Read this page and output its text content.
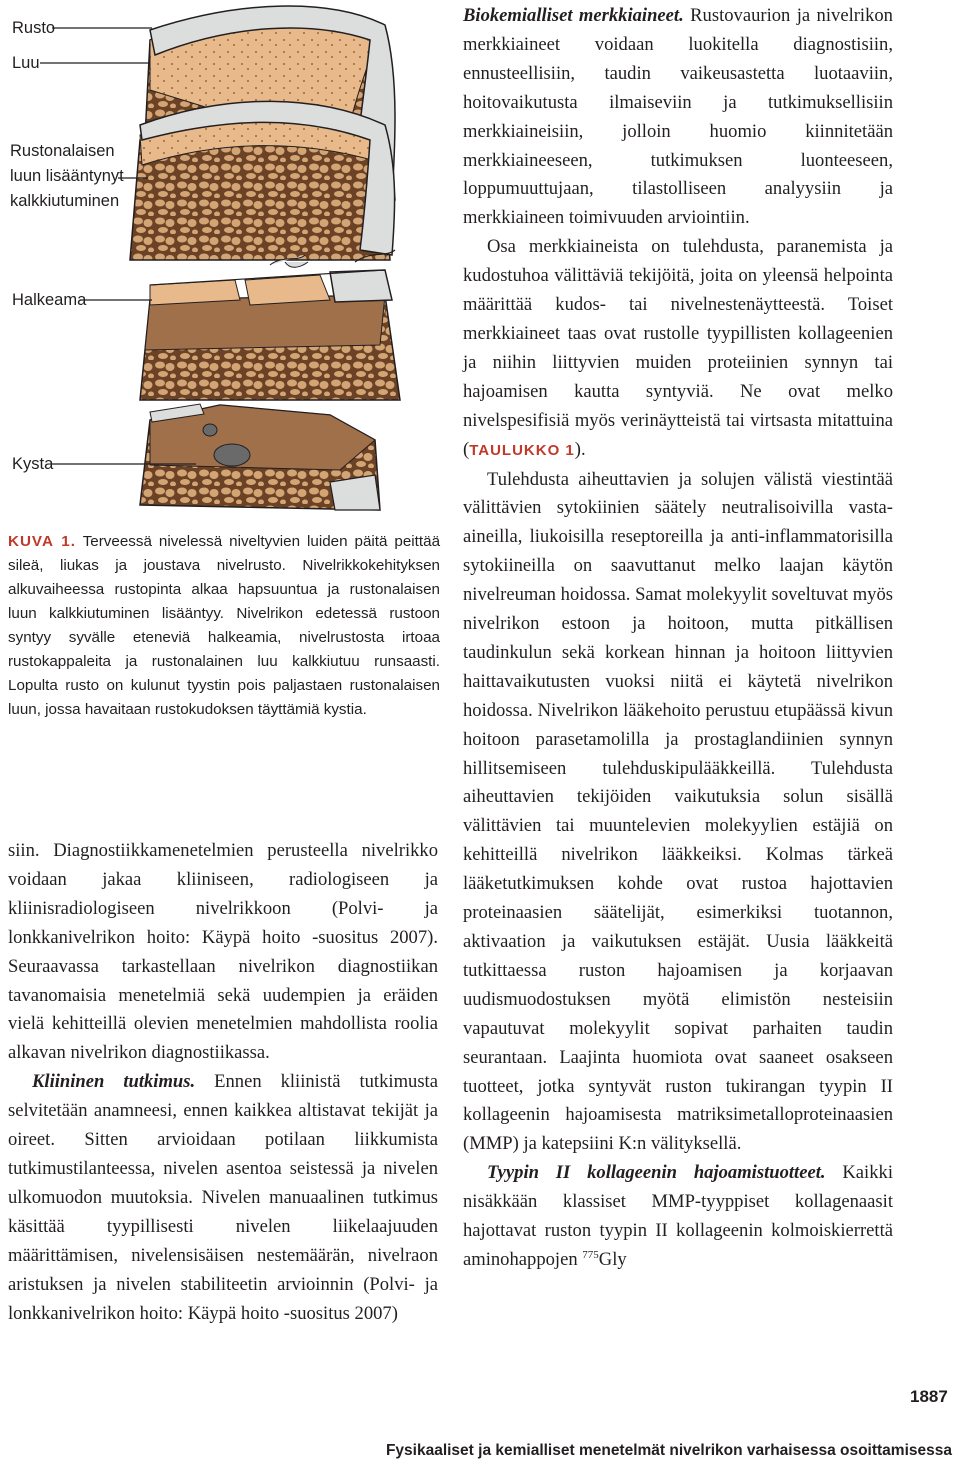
Rusto
Luu
Rustonalaisen
luun lisääntynyt
kalkkiutuminen
Halkeama
Kysta
KUVA 1. Terveessä nivelessä niveltyvien luiden päitä peittää sileä, liukas ja joustava nivelrusto. Nivelrikkokehityksen alkuvaiheessa rustopinta alkaa hapsuuntua ja rustonalaisen luun kalkkiutuminen lisääntyy. Nivelrikon edetessä rustoon syntyy syvälle eteneviä halkeamia, nivelrustosta irtoaa rustokappaleita ja rustonalainen luu kalkkiutuu runsaasti. Lopulta rusto on kulunut tyystin pois paljastaen rustonalaisen luun, jossa havaitaan rustokudoksen täyttämiä kystia.

siin. Diagnostiikkamenetelmien perusteella nivelrikko voidaan jakaa kliiniseen, radiologiseen ja kliinisradiologiseen nivelrikkoon (Polvi- ja lonkkanivelrikon hoito: Käypä hoito -suositus 2007). Seuraavassa tarkastellaan nivelrikon diagnostiikan tavanomaisia menetelmiä sekä uudempien ja eräiden vielä kehitteillä olevien menetelmien mahdollista roolia alkavan nivelrikon diagnostiikassa.

Kliininen tutkimus. Ennen kliinistä tutkimusta selvitetään anamneesi, ennen kaikkea altistavat tekijät ja oireet. Sitten arvioidaan potilaan liikkumista tutkimustilanteessa, nivelen asentoa seistessä ja nivelen ulkomuodon muutoksia. Nivelen manuaalinen tutkimus käsittää tyypillisesti nivelen liikelaajuuden määrittämisen, nivelensisäisen nestemäärän, nivelraon aristuksen ja nivelen stabiliteetin arvioinnin (Polvi- ja lonkkanivelrikon hoito: Käypä hoito -suositus 2007)

Biokemialliset merkkiaineet. Rustovaurion ja nivelrikon merkkiaineet voidaan luokitella diagnostisiin, ennusteellisiin, taudin vaikeusastetta luotaaviin, hoitovaikutusta ilmaiseviin ja tutkimuksellisiin merkkiaineisiin, jolloin huomio kiinnitetään merkkiaineeseen, tutkimuksen luonteeseen, loppumuuttujaan, tilastolliseen analyysiin ja merkkiaineen toimivuuden arviointiin.

Osa merkkiaineista on tulehdusta, paranemista ja kudostuhoa välittäviä tekijöitä, joita on yleensä helpointa määrittää kudos- tai nivelnestenäytteestä. Toiset merkkiaineet taas ovat rustolle tyypillisten kollageenien ja niihin liittyvien muiden proteiinien synnyn tai hajoamisen kautta syntyviä. Ne ovat melko nivelspesifisiä myös verinäytteistä tai virtsasta mitattuina (TAULUKKO 1).

Tulehdusta aiheuttavien ja solujen välistä viestintää välittävien sytokiinien säätely neutralisoivilla vasta-aineilla, liukoisilla reseptoreilla ja anti-inflammatorisilla sytokiineilla on saavuttanut melko laajan käytön nivelreuman hoidossa. Samat molekyylit soveltuvat myös nivelrikon estoon ja hoitoon, mutta pitkällisen taudinkulun sekä korkean hinnan ja hoitoon liittyvien haittavaikutusten vuoksi niitä ei käytetä nivelrikon hoidossa. Nivelrikon lääkehoito perustuu etupäässä kivun hoitoon parasetamolilla ja prostaglandiinien synnyn hillitsemiseen tulehduskipulääkkeillä. Tulehdusta aiheuttavien tekijöiden vaikutuksia solun sisällä välittävien tai muuntelevien molekyylien estäjiä on kehitteillä nivelrikon lääkkeiksi. Kolmas tärkeä lääketutkimuksen kohde ovat rustoa hajottavien proteinaasien säätelijät, esimerkiksi tuotannon, aktivaation ja vaikutuksen estäjät. Uusia lääkkeitä tutkittaessa ruston hajoamisen ja korjaavan uudismuodostuksen myötä elimistön nesteisiin vapautuvat molekyylit sopivat parhaiten taudin seurantaan. Laajinta huomiota ovat saaneet osakseen tuotteet, jotka syntyvät ruston tukirangan tyypin II kollageenin hajoamisesta matriksimetalloproteinaasien (MMP) ja katepsiini K:n välityksellä.

Tyypin II kollageenin hajoamistuotteet. Kaikki nisäkkään klassiset MMP-tyyppiset kollagenaasit hajottavat ruston tyypin II kollageenin kolmoiskierrettä aminohappojen $^{775}$Gly

1887
Fysikaaliset ja kemialliset menetelmät nivelrikon varhaisessa osoittamisessa
